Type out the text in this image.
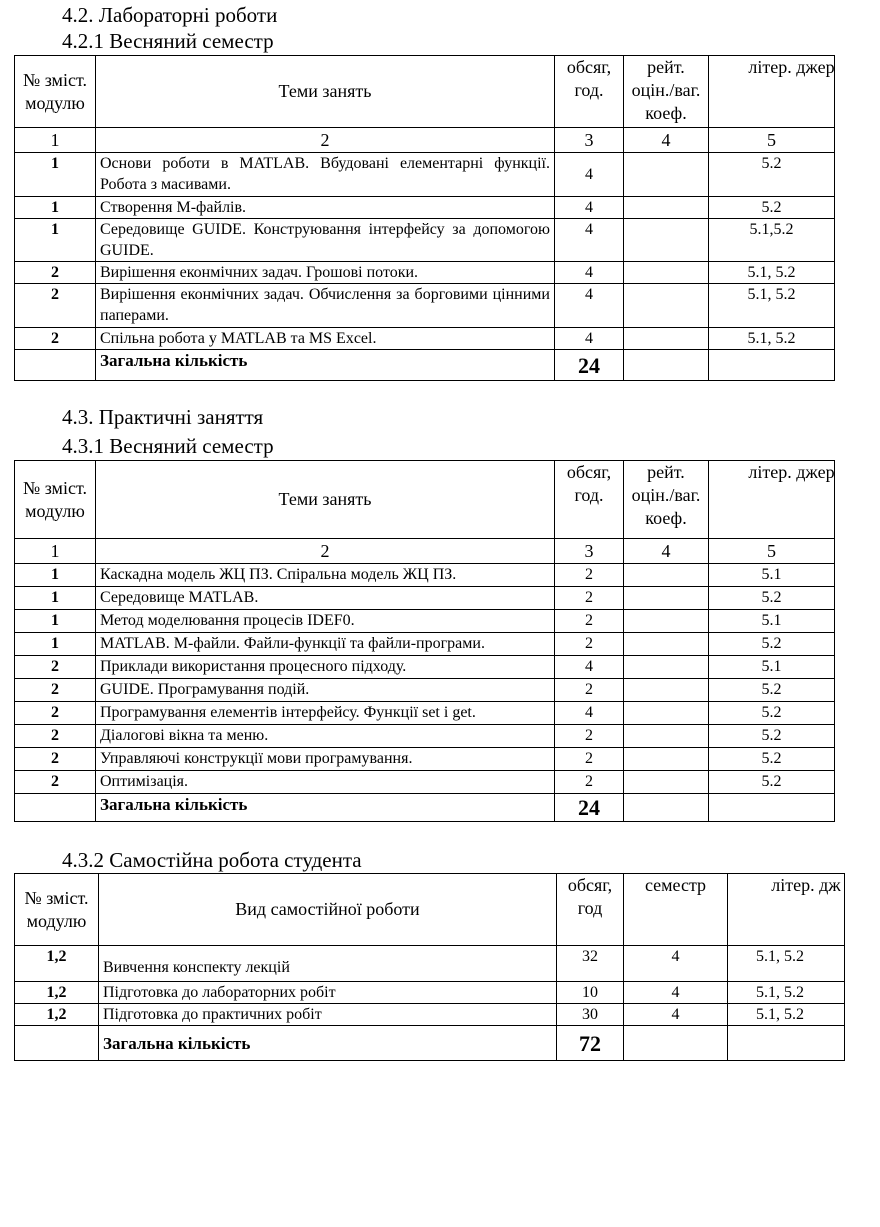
4.2. Лабораторні роботи
4.2.1 Весняний семестр
№ зміст. модулю	Теми занять	обсяг, год.	рейт. оцін./ваг. коеф.	літер. джер

1	2	3	4	5
1	Основи роботи в MATLAB. Вбудовані елементарні функції. Робота з масивами.	4		5.2
1	Створення М-файлів.	4		5.2
1	Середовище GUIDE. Конструювання інтерфейсу за допомогою GUIDE.	4		5.1,5.2
2	Вирішення еконмічних задач. Грошові потоки.	4		5.1, 5.2
2	Вирішення еконмічних задач. Обчислення за борговими цінними паперами.	4		5.1, 5.2
2	Спільна робота у MATLAB та MS Excel.	4		5.1, 5.2
	Загальна кількість	24		
4.3. Практичні заняття
4.3.1 Весняний семестр
№ зміст. модулю	Теми занять	обсяг, год.	рейт. оцін./ваг. коеф.	літер. джер

1	2	3	4	5
1	Каскадна модель ЖЦ ПЗ. Спіральна модель ЖЦ ПЗ.	2		5.1
1	Середовище MATLAB.	2		5.2
1	Метод моделювання процесів IDEF0.	2		5.1
1	MATLAB. М-файли. Файли-функції та файли-програми.	2		5.2
2	Приклади використання процесного підходу.	4		5.1
2	GUIDE. Програмування подій.	2		5.2
2	Програмування елементів інтерфейсу. Функції set і get.	4		5.2
2	Діалогові вікна та меню.	2		5.2
2	Управляючі конструкції мови програмування.	2		5.2
2	Оптимізація.	2		5.2
	Загальна кількість	24		
4.3.2 Самостійна робота студента
№ зміст. модулю	Вид самостійної роботи	обсяг, год	семестр	літер. дж

1,2	Вивчення конспекту лекцій	32	4	5.1, 5.2
1,2	Підготовка до лабораторних робіт	10	4	5.1, 5.2
1,2	Підготовка до практичних робіт	30	4	5.1, 5.2
	Загальна кількість	72		
